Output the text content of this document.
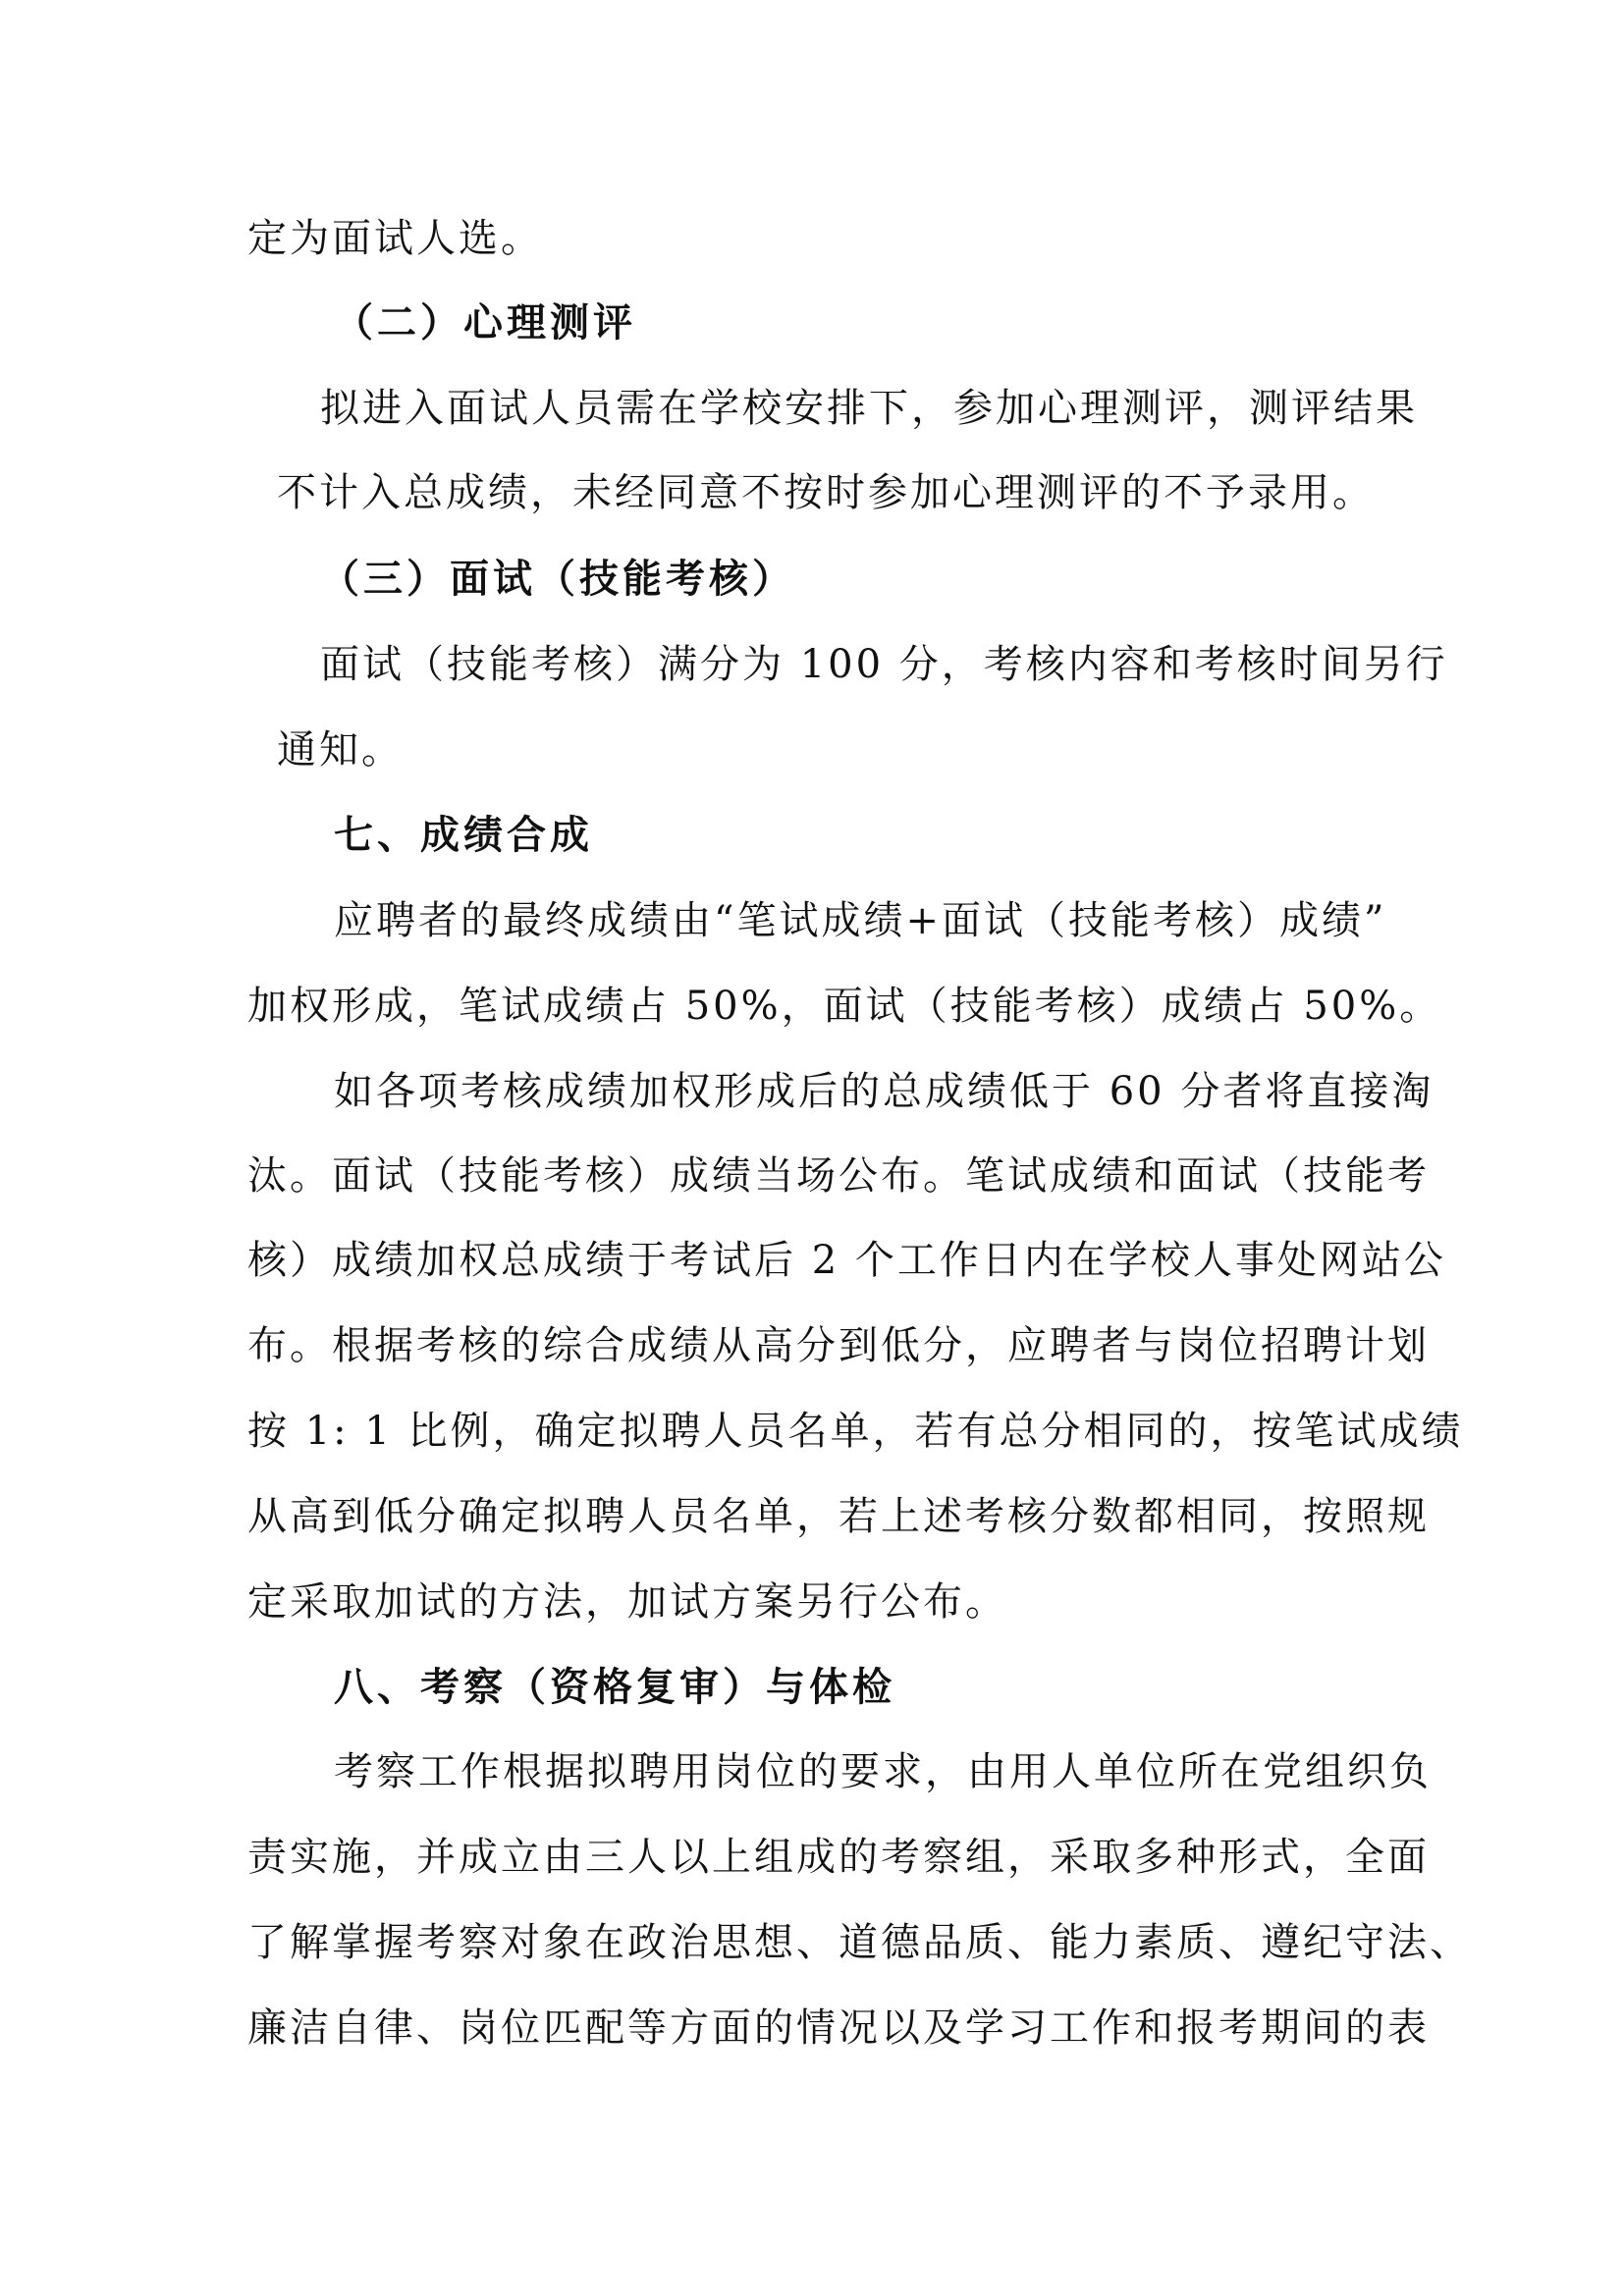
定为面试人选。
（二）心理测评
拟进入面试人员需在学校安排下，参加心理测评，测评结果
不计入总成绩，未经同意不按时参加心理测评的不予录用。
（三）面试（技能考核）
面试（技能考核）满分为 100 分，考核内容和考核时间另行
通知。
七、成绩合成
应聘者的最终成绩由“笔试成绩+面试（技能考核）成绩”
加权形成，笔试成绩占 50%，面试（技能考核）成绩占 50%。
如各项考核成绩加权形成后的总成绩低于 60 分者将直接淘
汰。面试（技能考核）成绩当场公布。笔试成绩和面试（技能考
核）成绩加权总成绩于考试后 2 个工作日内在学校人事处网站公
布。根据考核的综合成绩从高分到低分，应聘者与岗位招聘计划
按 1: 1 比例，确定拟聘人员名单，若有总分相同的，按笔试成绩
从高到低分确定拟聘人员名单，若上述考核分数都相同，按照规
定采取加试的方法，加试方案另行公布。
八、考察（资格复审）与体检
考察工作根据拟聘用岗位的要求，由用人单位所在党组织负
责实施，并成立由三人以上组成的考察组，采取多种形式，全面
了解掌握考察对象在政治思想、道德品质、能力素质、遵纪守法、
廉洁自律、岗位匹配等方面的情况以及学习工作和报考期间的表
